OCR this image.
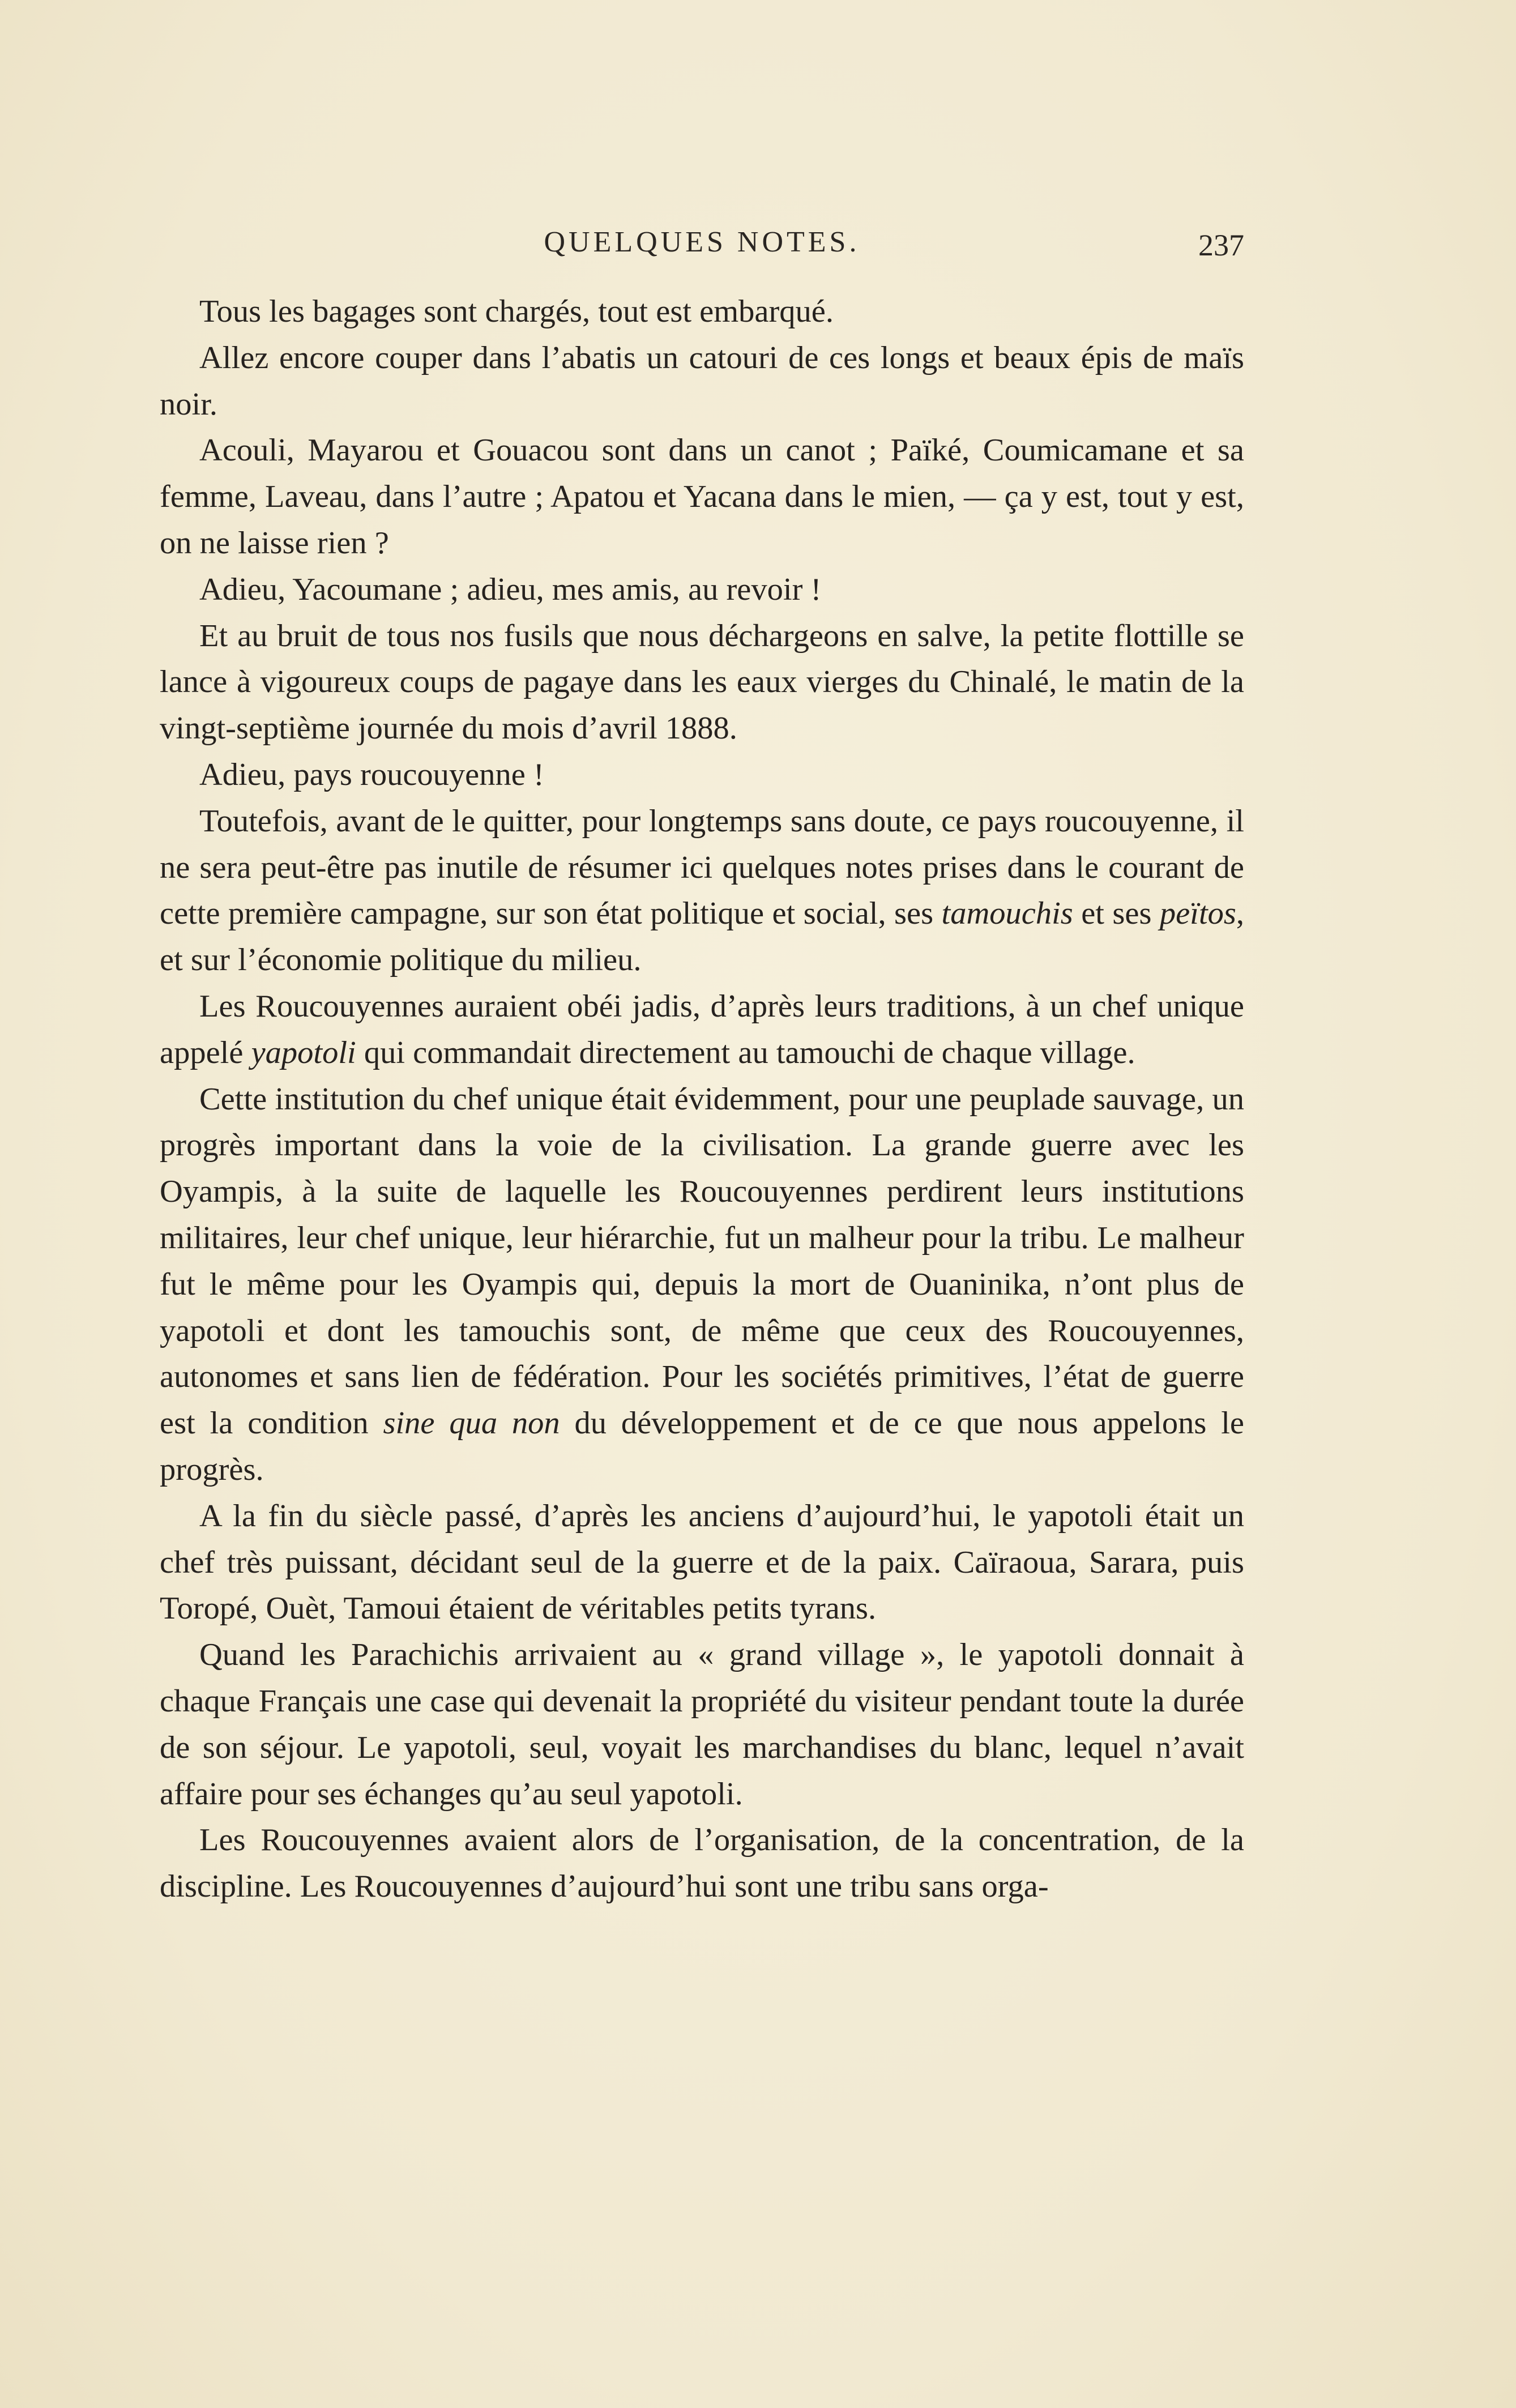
QUELQUES NOTES.	237

Tous les bagages sont chargés, tout est embarqué.

Allez encore couper dans l’abatis un catouri de ces longs et beaux épis de maïs noir.

Acouli, Mayarou et Gouacou sont dans un canot ; Païké, Coumicamane et sa femme, Laveau, dans l’autre ; Apatou et Yacana dans le mien, — ça y est, tout y est, on ne laisse rien ?

Adieu, Yacoumane ; adieu, mes amis, au revoir !

Et au bruit de tous nos fusils que nous déchargeons en salve, la petite flottille se lance à vigoureux coups de pagaye dans les eaux vierges du Chinalé, le matin de la vingt-septième journée du mois d’avril 1888.

Adieu, pays roucouyenne !

Toutefois, avant de le quitter, pour longtemps sans doute, ce pays roucouyenne, il ne sera peut-être pas inutile de résumer ici quelques notes prises dans le courant de cette première campagne, sur son état politique et social, ses tamouchis et ses peïtos, et sur l’économie politique du milieu.

Les Roucouyennes auraient obéi jadis, d’après leurs traditions, à un chef unique appelé yapotoli qui commandait directement au tamouchi de chaque village.

Cette institution du chef unique était évidemment, pour une peuplade sauvage, un progrès important dans la voie de la civilisation. La grande guerre avec les Oyampis, à la suite de laquelle les Roucouyennes perdirent leurs institutions militaires, leur chef unique, leur hiérarchie, fut un malheur pour la tribu. Le malheur fut le même pour les Oyampis qui, depuis la mort de Ouaninika, n’ont plus de yapotoli et dont les tamouchis sont, de même que ceux des Roucouyennes, autonomes et sans lien de fédération. Pour les sociétés primitives, l’état de guerre est la condition sine qua non du développement et de ce que nous appelons le progrès.

A la fin du siècle passé, d’après les anciens d’aujourd’hui, le yapotoli était un chef très puissant, décidant seul de la guerre et de la paix. Caïraoua, Sarara, puis Toropé, Ouèt, Tamoui étaient de véritables petits tyrans.

Quand les Parachichis arrivaient au « grand village », le yapotoli donnait à chaque Français une case qui devenait la propriété du visiteur pendant toute la durée de son séjour. Le yapotoli, seul, voyait les marchandises du blanc, lequel n’avait affaire pour ses échanges qu’au seul yapotoli.

Les Roucouyennes avaient alors de l’organisation, de la concentration, de la discipline. Les Roucouyennes d’aujourd’hui sont une tribu sans orga-
